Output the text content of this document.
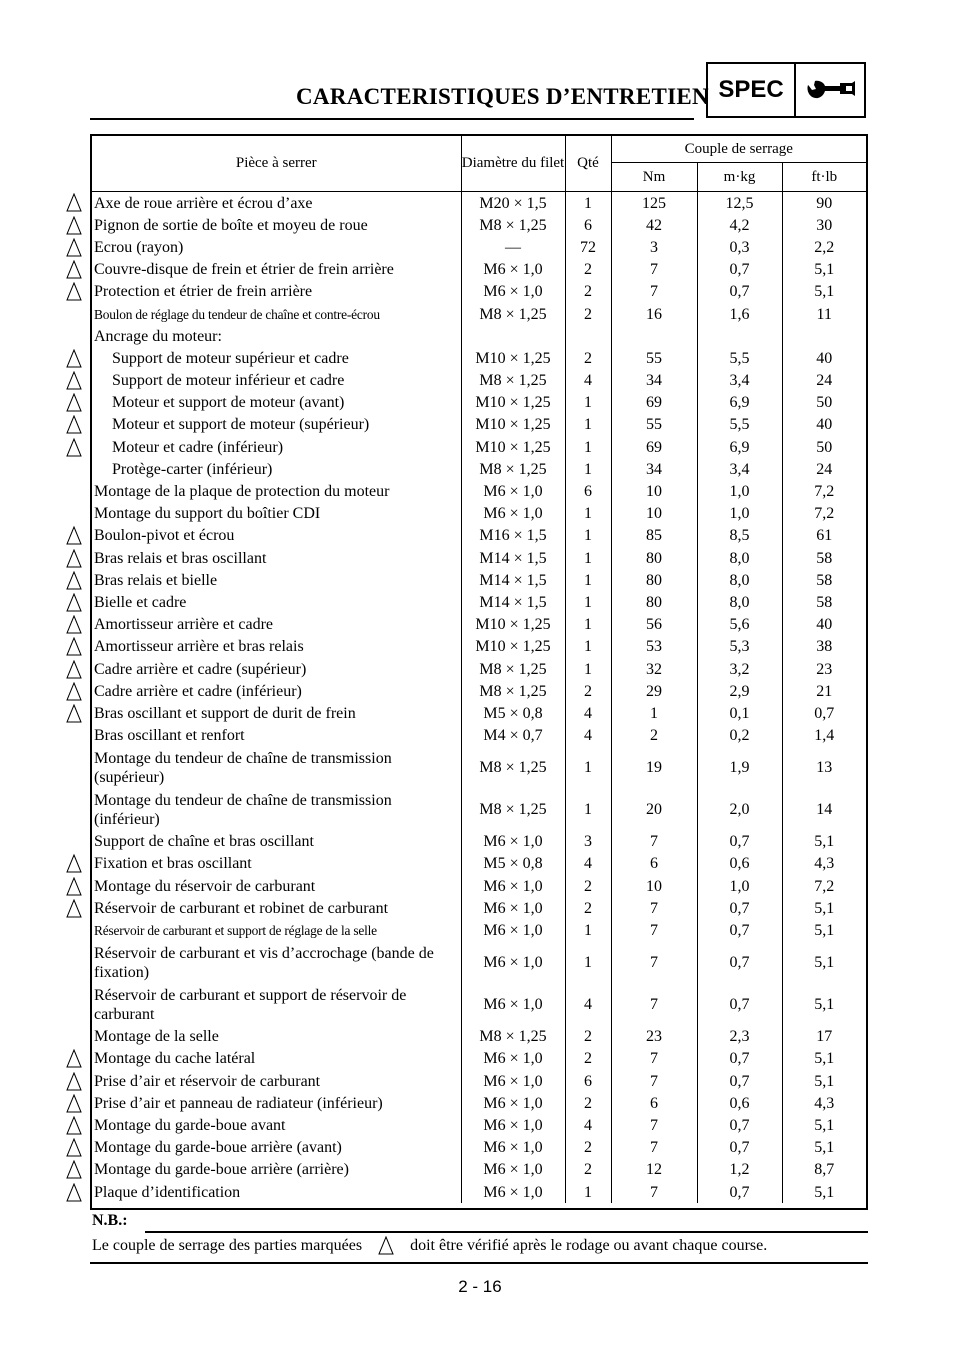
CARACTERISTIQUES D’ENTRETIEN SPEC
Pièce à serrer	Diamètre du filet	Qté	Couple de serrage		
			Nm	m·kg	ft·lb
Axe de roue arrière et écrou d’axe	M20 × 1,5	1	125	12,5	90
Pignon de sortie de boîte et moyeu de roue	M8 × 1,25	6	42	4,2	30
Ecrou (rayon)	—	72	3	0,3	2,2
Couvre-disque de frein et étrier de frein arrière	M6 × 1,0	2	7	0,7	5,1
Protection et étrier de frein arrière	M6 × 1,0	2	7	0,7	5,1
Boulon de réglage du tendeur de chaîne et contre-écrou	M8 × 1,25	2	16	1,6	11
Ancrage du moteur:					
Support de moteur supérieur et cadre	M10 × 1,25	2	55	5,5	40
Support de moteur inférieur et cadre	M8 × 1,25	4	34	3,4	24
Moteur et support de moteur (avant)	M10 × 1,25	1	69	6,9	50
Moteur et support de moteur (supérieur)	M10 × 1,25	1	55	5,5	40
Moteur et cadre (inférieur)	M10 × 1,25	1	69	6,9	50
Protège-carter (inférieur)	M8 × 1,25	1	34	3,4	24
Montage de la plaque de protection du moteur	M6 × 1,0	6	10	1,0	7,2
Montage du support du boîtier CDI	M6 × 1,0	1	10	1,0	7,2
Boulon-pivot et écrou	M16 × 1,5	1	85	8,5	61
Bras relais et bras oscillant	M14 × 1,5	1	80	8,0	58
Bras relais et bielle	M14 × 1,5	1	80	8,0	58
Bielle et cadre	M14 × 1,5	1	80	8,0	58
Amortisseur arrière et cadre	M10 × 1,25	1	56	5,6	40
Amortisseur arrière et bras relais	M10 × 1,25	1	53	5,3	38
Cadre arrière et cadre (supérieur)	M8 × 1,25	1	32	3,2	23
Cadre arrière et cadre (inférieur)	M8 × 1,25	2	29	2,9	21
Bras oscillant et support de durit de frein	M5 × 0,8	4	1	0,1	0,7
Bras oscillant et renfort	M4 × 0,7	4	2	0,2	1,4
Montage du tendeur de chaîne de transmission (supérieur)	M8 × 1,25	1	19	1,9	13
Montage du tendeur de chaîne de transmission (inférieur)	M8 × 1,25	1	20	2,0	14
Support de chaîne et bras oscillant	M6 × 1,0	3	7	0,7	5,1
Fixation et bras oscillant	M5 × 0,8	4	6	0,6	4,3
Montage du réservoir de carburant	M6 × 1,0	2	10	1,0	7,2
Réservoir de carburant et robinet de carburant	M6 × 1,0	2	7	0,7	5,1
Réservoir de carburant et support de réglage de la selle	M6 × 1,0	1	7	0,7	5,1
Réservoir de carburant et vis d’accrochage (bande de fixation)	M6 × 1,0	1	7	0,7	5,1
Réservoir de carburant et support de réservoir de carburant	M6 × 1,0	4	7	0,7	5,1
Montage de la selle	M8 × 1,25	2	23	2,3	17
Montage du cache latéral	M6 × 1,0	2	7	0,7	5,1
Prise d’air et réservoir de carburant	M6 × 1,0	6	7	0,7	5,1
Prise d’air et panneau de radiateur (inférieur)	M6 × 1,0	2	6	0,6	4,3
Montage du garde-boue avant	M6 × 1,0	4	7	0,7	5,1
Montage du garde-boue arrière (avant)	M6 × 1,0	2	7	0,7	5,1
Montage du garde-boue arrière (arrière)	M6 × 1,0	2	12	1,2	8,7
Plaque d’identification	M6 × 1,0	1	7	0,7	5,1
N.B.:
Le couple de serrage des parties marquées	doit être vérifié après le rodage ou avant chaque course.
2 - 16
